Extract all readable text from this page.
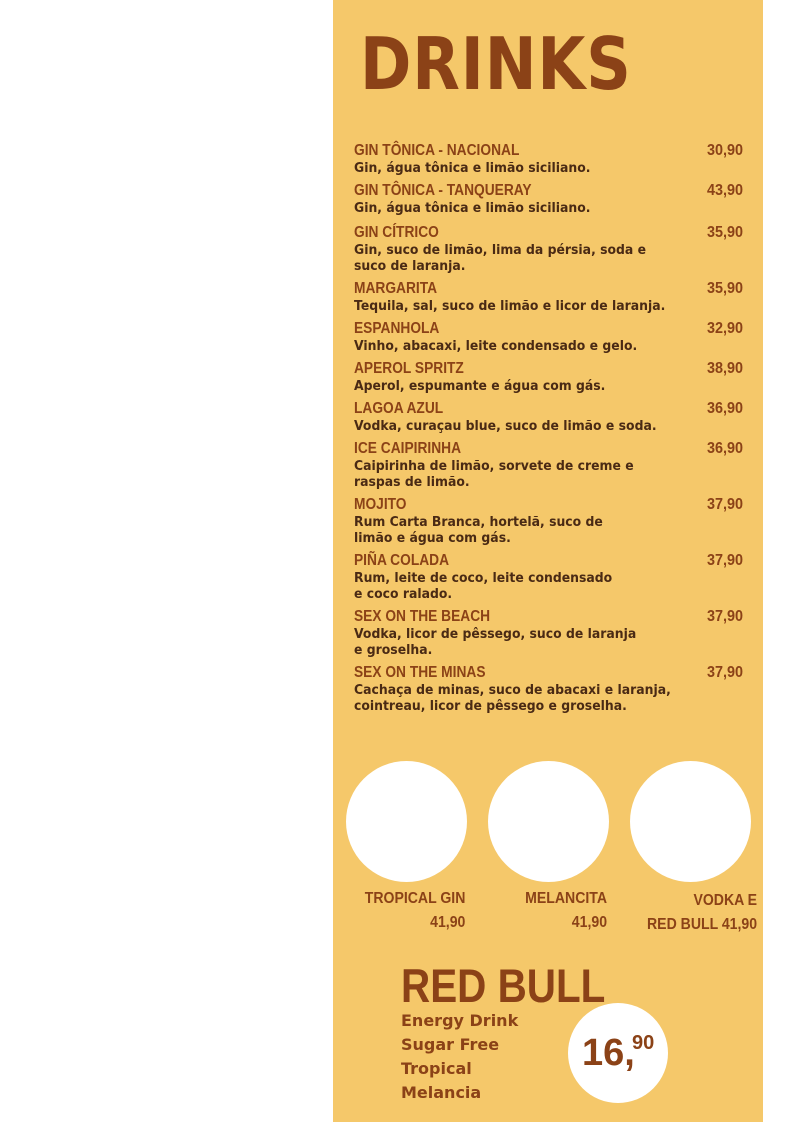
DRINKS
GIN TÔNICA - NACIONAL	30,90
Gin, água tônica e limão siciliano.
GIN TÔNICA - TANQUERAY	43,90
Gin, água tônica e limão siciliano.
GIN CÍTRICO	35,90
Gin, suco de limão, lima da pérsia, soda e
suco de laranja.
MARGARITA	35,90
Tequila, sal, suco de limão e licor de laranja.
ESPANHOLA	32,90
Vinho, abacaxi, leite condensado e gelo.
APEROL SPRITZ	38,90
Aperol, espumante e água com gás.
LAGOA AZUL	36,90
Vodka, curaçau blue, suco de limão e soda.
ICE CAIPIRINHA	36,90
Caipirinha de limão, sorvete de creme e
raspas de limão.
MOJITO	37,90
Rum Carta Branca, hortelã, suco de
limão e água com gás.
PIÑA COLADA	37,90
Rum, leite de coco, leite condensado
e coco ralado.
SEX ON THE BEACH	37,90
Vodka, licor de pêssego, suco de laranja
e groselha.
SEX ON THE MINAS	37,90
Cachaça de minas, suco de abacaxi e laranja,
cointreau, licor de pêssego e groselha.
TROPICAL GIN
41,90
MELANCITA
41,90
VODKA E
RED BULL 41,90
RED BULL
Energy Drink
Sugar Free
Tropical
Melancia
16,
90
